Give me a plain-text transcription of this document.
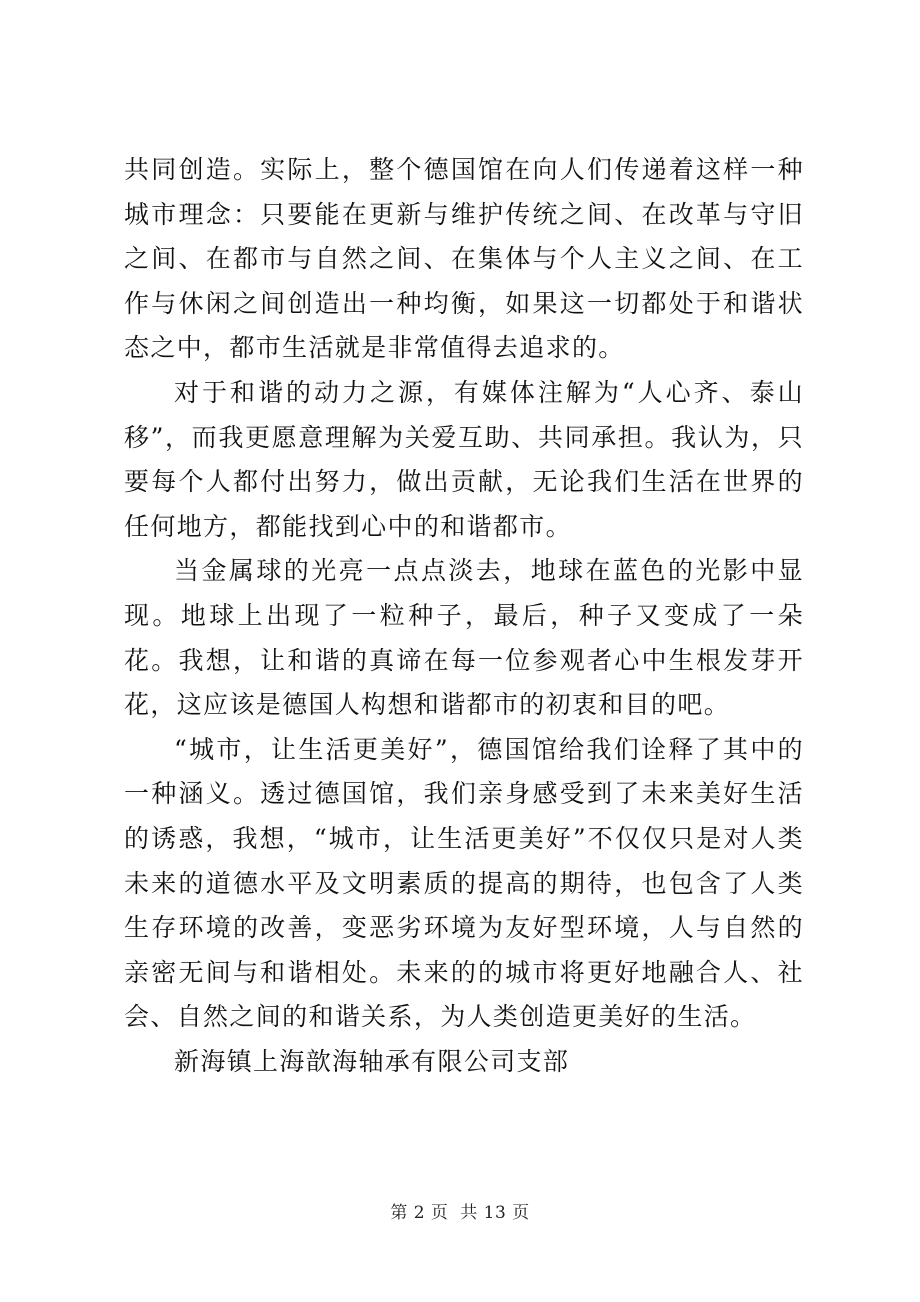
共同创造。实际上，整个德国馆在向人们传递着这样一种城市理念：只要能在更新与维护传统之间、在改革与守旧之间、在都市与自然之间、在集体与个人主义之间、在工作与休闲之间创造出一种均衡，如果这一切都处于和谐状态之中，都市生活就是非常值得去追求的。

对于和谐的动力之源，有媒体注解为“人心齐、泰山移”，而我更愿意理解为关爱互助、共同承担。我认为，只要每个人都付出努力，做出贡献，无论我们生活在世界的任何地方，都能找到心中的和谐都市。

当金属球的光亮一点点淡去，地球在蓝色的光影中显现。地球上出现了一粒种子，最后，种子又变成了一朵花。我想，让和谐的真谛在每一位参观者心中生根发芽开花，这应该是德国人构想和谐都市的初衷和目的吧。

“城市，让生活更美好”，德国馆给我们诠释了其中的一种涵义。透过德国馆，我们亲身感受到了未来美好生活的诱惑，我想，“城市，让生活更美好”不仅仅只是对人类未来的道德水平及文明素质的提高的期待，也包含了人类生存环境的改善，变恶劣环境为友好型环境，人与自然的亲密无间与和谐相处。未来的的城市将更好地融合人、社会、自然之间的和谐关系，为人类创造更美好的生活。

新海镇上海歆海轴承有限公司支部

第 2 页  共 13 页
